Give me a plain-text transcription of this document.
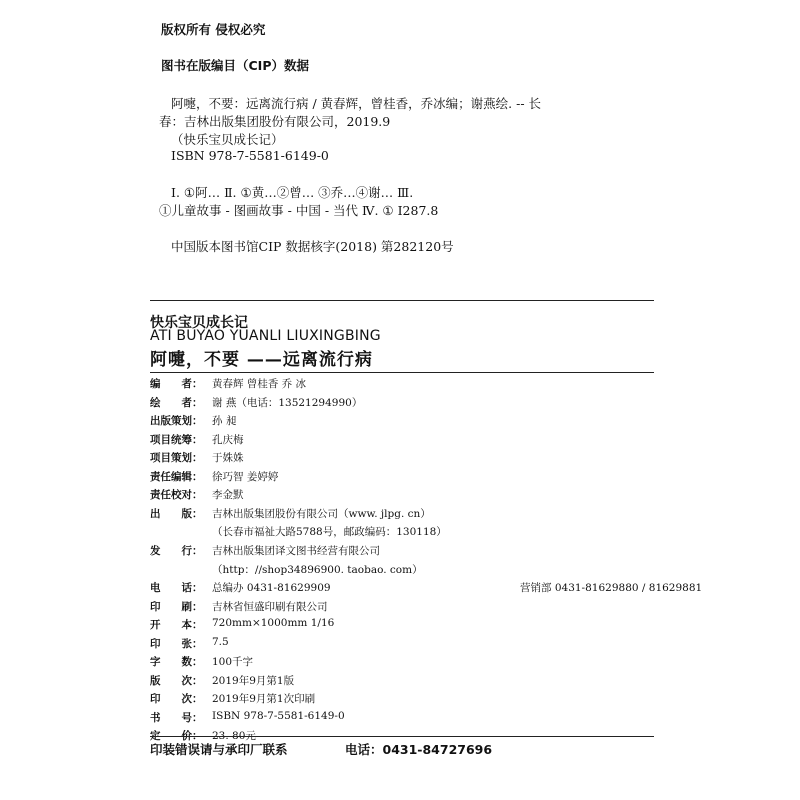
版权所有 侵权必究
图书在版编目（CIP）数据
阿嚏，不要：远离流行病 / 黄春辉，曾桂香，乔冰编；谢燕绘. -- 长
春：吉林出版集团股份有限公司，2019.9
（快乐宝贝成长记）
ISBN 978-7-5581-6149-0
Ⅰ. ①阿… Ⅱ. ①黄…②曾… ③乔…④谢… Ⅲ.
①儿童故事 - 图画故事 - 中国 - 当代 Ⅳ. ① I287.8
中国版本图书馆CIP 数据核字(2018) 第282120号
快乐宝贝成长记
ATI BUYAO YUANLI LIUXINGBING
阿嚏，不要 ——远离流行病
编　　者： 黄春辉 曾桂香 乔 冰
绘　　者： 谢 燕（电话：13521294990）
出版策划： 孙 昶
项目统筹： 孔庆梅
项目策划： 于姝姝
责任编辑： 徐巧智 姜婷婷
责任校对： 李金默
出　　版： 吉林出版集团股份有限公司（www. jlpg. cn）
（长春市福祉大路5788号，邮政编码：130118）
发　　行： 吉林出版集团译文图书经营有限公司
（http：//shop34896900. taobao. com）
电　　话： 总编办 0431-81629909	营销部 0431-81629880 / 81629881
印　　刷： 吉林省恒盛印刷有限公司
开　　本： 720mm×1000mm 1/16
印　　张： 7.5
字　　数： 100千字
版　　次： 2019年9月第1版
印　　次： 2019年9月第1次印刷
书　　号： ISBN 978-7-5581-6149-0
定　　价： 23. 80元
印装错误请与承印厂联系	电话：0431-84727696
